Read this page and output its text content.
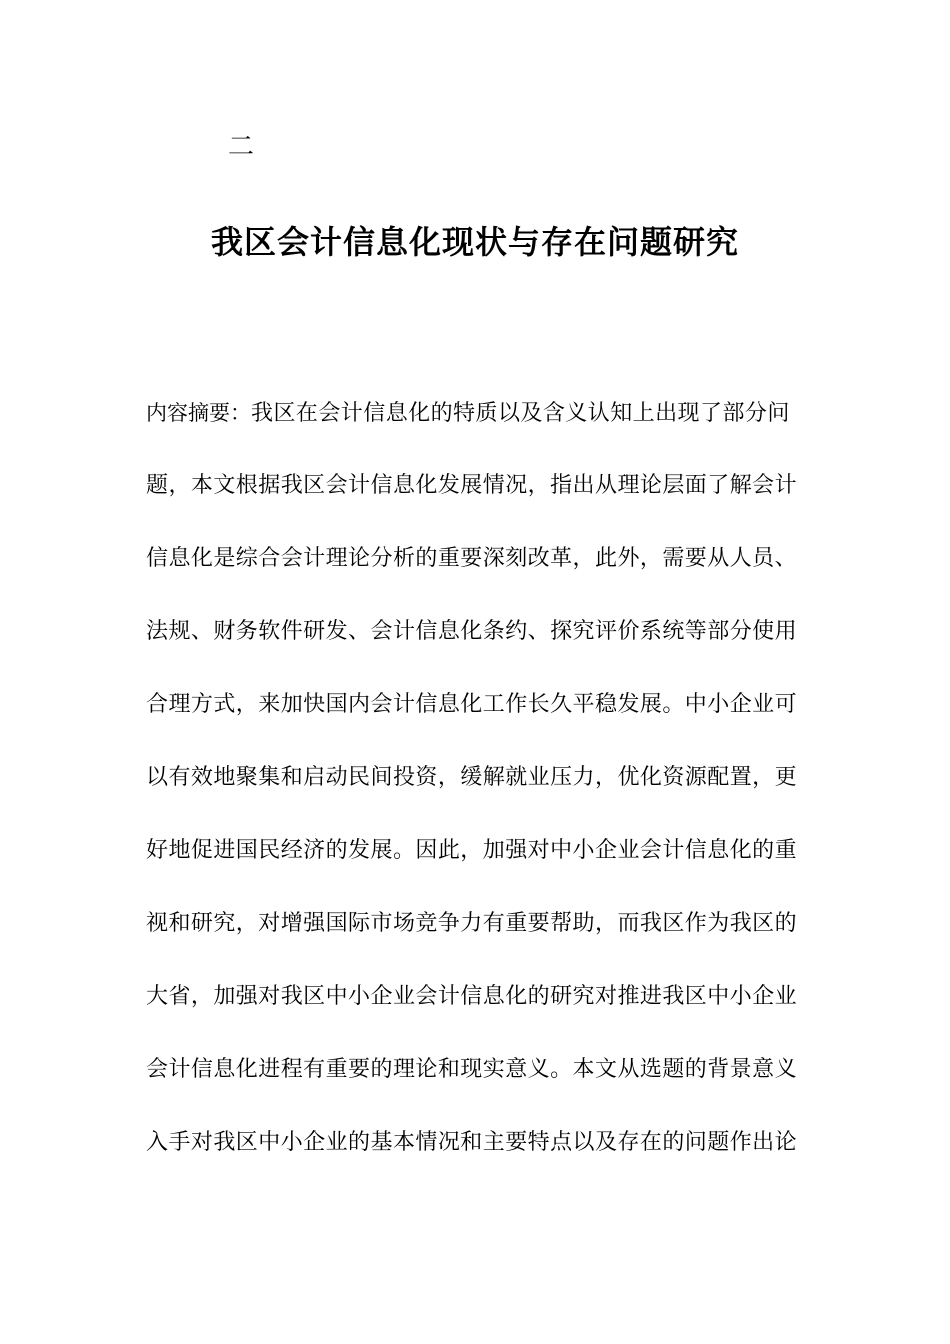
二
我区会计信息化现状与存在问题研究
内容摘要：我区在会计信息化的特质以及含义认知上出现了部分问
题，本文根据我区会计信息化发展情况，指出从理论层面了解会计
信息化是综合会计理论分析的重要深刻改革，此外，需要从人员、
法规、财务软件研发、会计信息化条约、探究评价系统等部分使用
合理方式，来加快国内会计信息化工作长久平稳发展。中小企业可
以有效地聚集和启动民间投资，缓解就业压力，优化资源配置，更
好地促进国民经济的发展。因此，加强对中小企业会计信息化的重
视和研究，对增强国际市场竞争力有重要帮助，而我区作为我区的
大省，加强对我区中小企业会计信息化的研究对推进我区中小企业
会计信息化进程有重要的理论和现实意义。本文从选题的背景意义
入手对我区中小企业的基本情况和主要特点以及存在的问题作出论
